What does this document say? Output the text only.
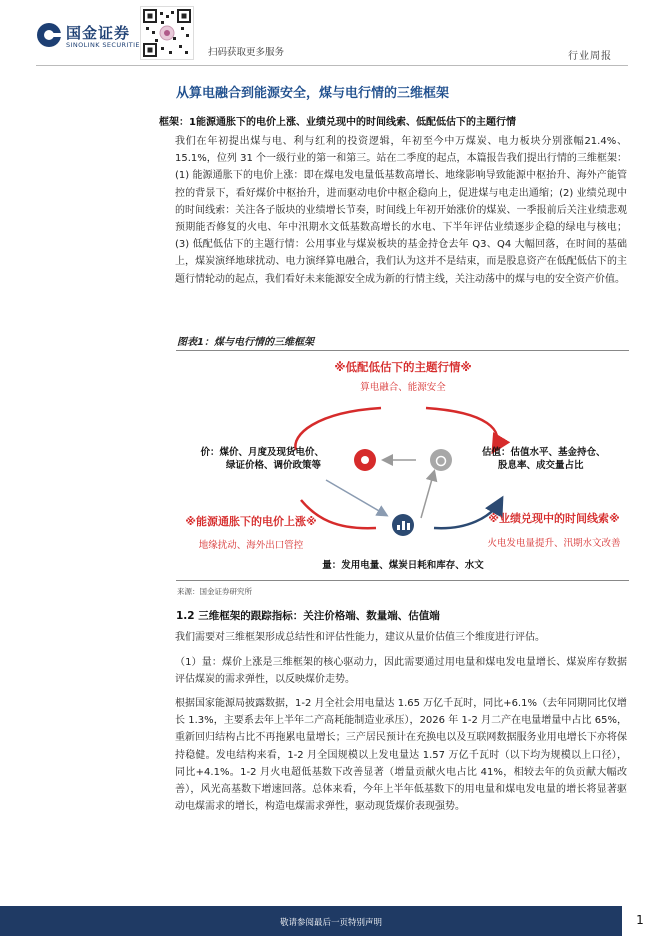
国金证券
SINOLINK SECURITIES
扫码获取更多服务	行业周报
从算电融合到能源安全，煤与电行情的三维框架
框架：1能源通胀下的电价上涨、业绩兑现中的时间线索、低配低估下的主题行情
我们在年初提出煤与电、利与红利的投资逻辑，年初至今中万煤炭、电力板块分别涨幅21.4%、15.1%，位列 31 个一级行业的第一和第三。站在二季度的起点，本篇报告我们提出行情的三维框架：(1) 能源通胀下的电价上涨：即在煤电发电量低基数高增长、地缘影响导致能源中枢抬升、海外产能管控的背景下，看好煤价中枢抬升，进而驱动电价中枢企稳向上，促进煤与电走出通缩；(2) 业绩兑现中的时间线索：关注各子版块的业绩增长节奏，时间线上年初开始涨价的煤炭、一季报前后关注业绩悲观预期能否修复的火电、年中汛期水文低基数高增长的水电、下半年评估业绩逐步企稳的绿电与核电；(3) 低配低估下的主题行情：公用事业与煤炭板块的基金持仓去年 Q3、Q4 大幅回落，在时间的基础上，煤炭演绎地球扰动、电力演绎算电融合，我们认为这并不是结束，而是股息资产在低配低估下的主题行情轮动的起点，我们看好未来能源安全成为新的行情主线，关注动荡中的煤与电的安全资产价值。
图表1：煤与电行情的三维框架
※低配低估下的主题行情※
算电融合、能源安全
价：煤价、月度及现货电价、
绿证价格、调价政策等
估值：估值水平、基金持仓、
股息率、成交量占比
※能源通胀下的电价上涨※
地缘扰动、海外出口管控
※业绩兑现中的时间线索※
火电发电量提升、汛期水文改善
量：发用电量、煤炭日耗和库存、水文
来源：国金证券研究所
1.2 三维框架的跟踪指标：关注价格端、数量端、估值端
我们需要对三维框架形成总结性和评估性能力，建议从量价估值三个维度进行评估。
（1）量：煤价上涨是三维框架的核心驱动力，因此需要通过用电量和煤电发电量增长、煤炭库存数据评估煤炭的需求弹性，以反映煤价走势。
根据国家能源局披露数据，1-2 月全社会用电量达 1.65 万亿千瓦时，同比+6.1%（去年同期同比仅增长 1.3%，主要系去年上半年二产高耗能制造业承压），2026 年 1-2 月二产在电量增量中占比 65%，重新回归结构占比不再拖累电量增长；三产居民预计在充换电以及互联网数据服务业用电增长下亦将保持稳健。发电结构来看，1-2 月全国规模以上发电量达 1.57 万亿千瓦时（以下均为规模以上口径），同比+4.1%。1-2 月火电超低基数下改善显著（增量贡献火电占比 41%，相较去年的负贡献大幅改善），风光高基数下增速回落。总体来看，今年上半年低基数下的用电量和煤电发电量的增长将显著驱动电煤需求的增长，构造电煤需求弹性，驱动现货煤价表现强势。
敬请参阅最后一页特别声明	1
